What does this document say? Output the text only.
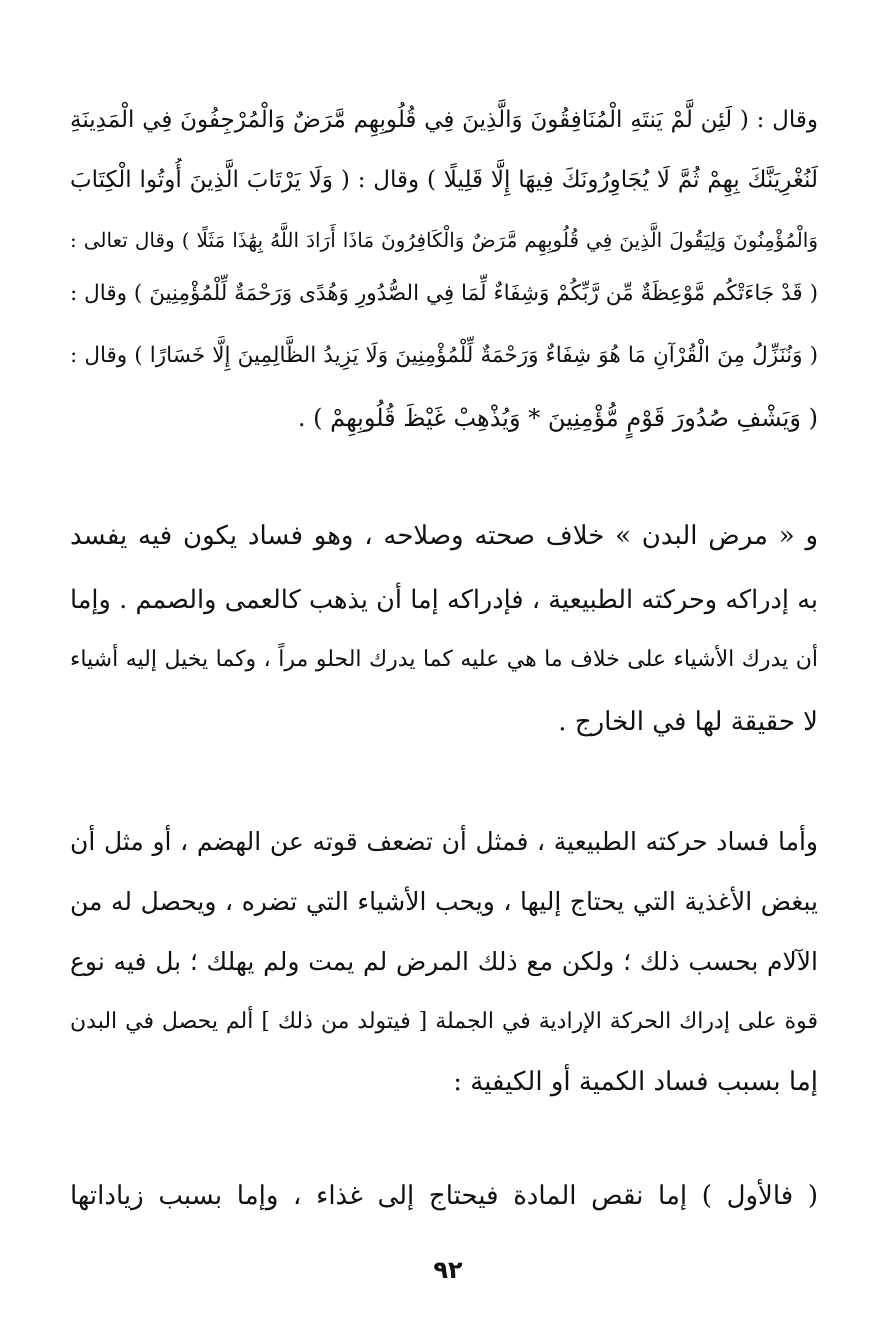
وقال : ( لَئِن لَّمْ يَنتَهِ الْمُنَافِقُونَ وَالَّذِينَ فِي قُلُوبِهِم مَّرَضٌ وَالْمُرْجِفُونَ فِي الْمَدِينَةِ
لَنُغْرِيَنَّكَ بِهِمْ ثُمَّ لَا يُجَاوِرُونَكَ فِيهَا إِلَّا قَلِيلًا ) وقال : ( وَلَا يَرْتَابَ الَّذِينَ أُوتُوا الْكِتَابَ
وَالْمُؤْمِنُونَ وَلِيَقُولَ الَّذِينَ فِي قُلُوبِهِم مَّرَضٌ وَالْكَافِرُونَ مَاذَا أَرَادَ اللَّهُ بِهَٰذَا مَثَلًا ) وقال تعالى :
( قَدْ جَاءَتْكُم مَّوْعِظَةٌ مِّن رَّبِّكُمْ وَشِفَاءٌ لِّمَا فِي الصُّدُورِ وَهُدًى وَرَحْمَةٌ لِّلْمُؤْمِنِينَ ) وقال :
( وَنُنَزِّلُ مِنَ الْقُرْآنِ مَا هُوَ شِفَاءٌ وَرَحْمَةٌ لِّلْمُؤْمِنِينَ وَلَا يَزِيدُ الظَّالِمِينَ إِلَّا خَسَارًا ) وقال :
( وَيَشْفِ صُدُورَ قَوْمٍ مُّؤْمِنِينَ * وَيُذْهِبْ غَيْظَ قُلُوبِهِمْ ) .
و « مرض البدن » خلاف صحته وصلاحه ، وهو فساد يكون فيه يفسد
به إدراكه وحركته الطبيعية ، فإدراكه إما أن يذهب كالعمى والصمم . وإما
أن يدرك الأشياء على خلاف ما هي عليه كما يدرك الحلو مراً ، وكما يخيل إليه أشياء
لا حقيقة لها في الخارج .
وأما فساد حركته الطبيعية ، فمثل أن تضعف قوته عن الهضم ، أو مثل أن
يبغض الأغذية التي يحتاج إليها ، ويحب الأشياء التي تضره ، ويحصل له من
الآلام بحسب ذلك ؛ ولكن مع ذلك المرض لم يمت ولم يهلك ؛ بل فيه نوع
قوة على إدراك الحركة الإرادية في الجملة [ فيتولد من ذلك ] ألم يحصل في البدن
إما بسبب فساد الكمية أو الكيفية :
( فالأول ) إما نقص المادة فيحتاج إلى غذاء ، وإما بسبب زياداتها
٩٢
